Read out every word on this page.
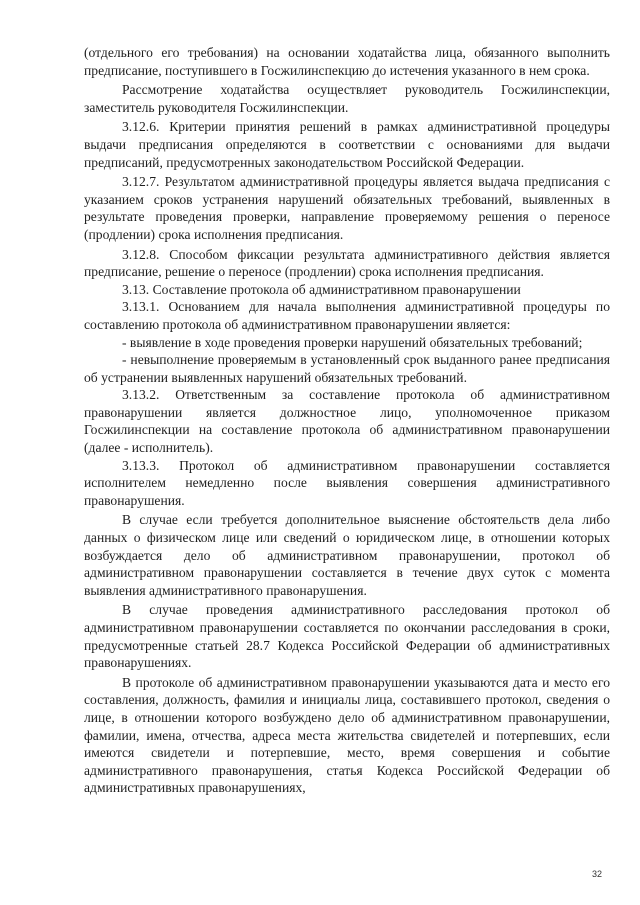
(отдельного его требования) на основании ходатайства лица, обязанного выполнить предписание, поступившего в Госжилинспекцию до истечения указанного в нем срока.

Рассмотрение ходатайства осуществляет руководитель Госжилинспекции, заместитель руководителя Госжилинспекции.

3.12.6. Критерии принятия решений в рамках административной процедуры выдачи предписания определяются в соответствии с основаниями для выдачи предписаний, предусмотренных законодательством Российской Федерации.

3.12.7. Результатом административной процедуры является выдача предписания с указанием сроков устранения нарушений обязательных требований, выявленных в результате проведения проверки, направление проверяемому решения о переносе (продлении) срока исполнения предписания.

3.12.8. Способом фиксации результата административного действия является предписание, решение о переносе (продлении) срока исполнения предписания.

3.13. Составление протокола об административном правонарушении

3.13.1. Основанием для начала выполнения административной процедуры по составлению протокола об административном правонарушении является:

- выявление в ходе проведения проверки нарушений обязательных требований;

- невыполнение проверяемым в установленный срок выданного ранее предписания об устранении выявленных нарушений обязательных требований.

3.13.2. Ответственным за составление протокола об административном правонарушении является должностное лицо, уполномоченное приказом Госжилинспекции на составление протокола об административном правонарушении (далее - исполнитель).

3.13.3. Протокол об административном правонарушении составляется исполнителем немедленно после выявления совершения административного правонарушения.

В случае если требуется дополнительное выяснение обстоятельств дела либо данных о физическом лице или сведений о юридическом лице, в отношении которых возбуждается дело об административном правонарушении, протокол об административном правонарушении составляется в течение двух суток с момента выявления административного правонарушения.

В случае проведения административного расследования протокол об административном правонарушении составляется по окончании расследования в сроки, предусмотренные статьей 28.7 Кодекса Российской Федерации об административных правонарушениях.

В протоколе об административном правонарушении указываются дата и место его составления, должность, фамилия и инициалы лица, составившего протокол, сведения о лице, в отношении которого возбуждено дело об административном правонарушении, фамилии, имена, отчества, адреса места жительства свидетелей и потерпевших, если имеются свидетели и потерпевшие, место, время совершения и событие административного правонарушения, статья Кодекса Российской Федерации об административных правонарушениях,

32
